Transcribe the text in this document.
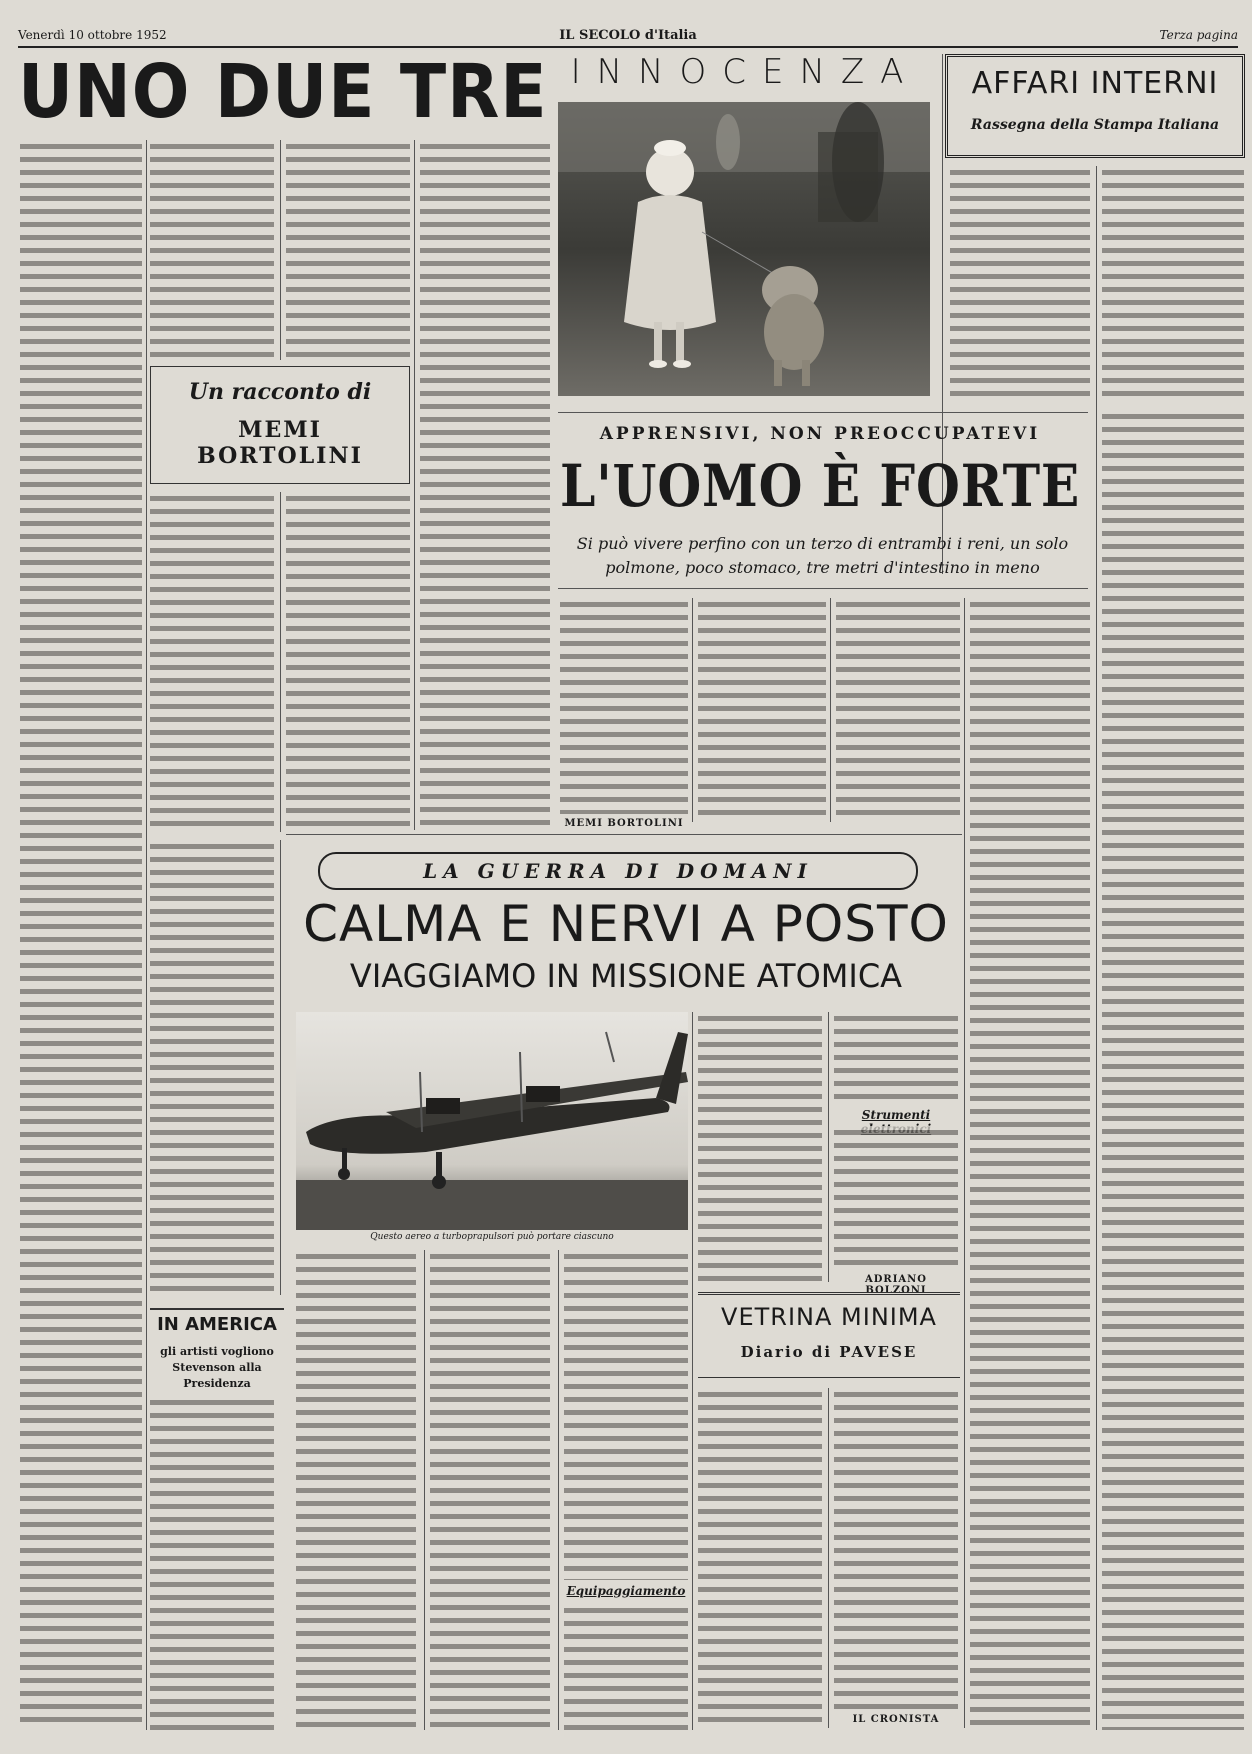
Venerdì 10 ottobre 1952	IL SECOLO d'Italia	Terza pagina
UNO DUE TRE
Un racconto di
MEMI BORTOLINI
IN AMERICA
gli artisti vogliono
Stevenson alla Presidenza
INNOCENZA	AFFARI INTERNI
Rassegna della Stampa Italiana
APPRENSIVI, NON PREOCCUPATEVI
L'UOMO È FORTE
Si può vivere perfino con un terzo di entrambi i reni, un solo polmone, poco stomaco, tre metri d'intestino in meno
MEMI BORTOLINI
LA GUERRA DI DOMANI
CALMA E NERVI A POSTO
VIAGGIAMO IN MISSIONE ATOMICA
Questo aereo a turboprapulsori può portare ciascuno
Equipaggiamento
Strumenti
ADRIANO BOLZONI
VETRINA MINIMA
Diario di PAVESE
IL CRONISTA
